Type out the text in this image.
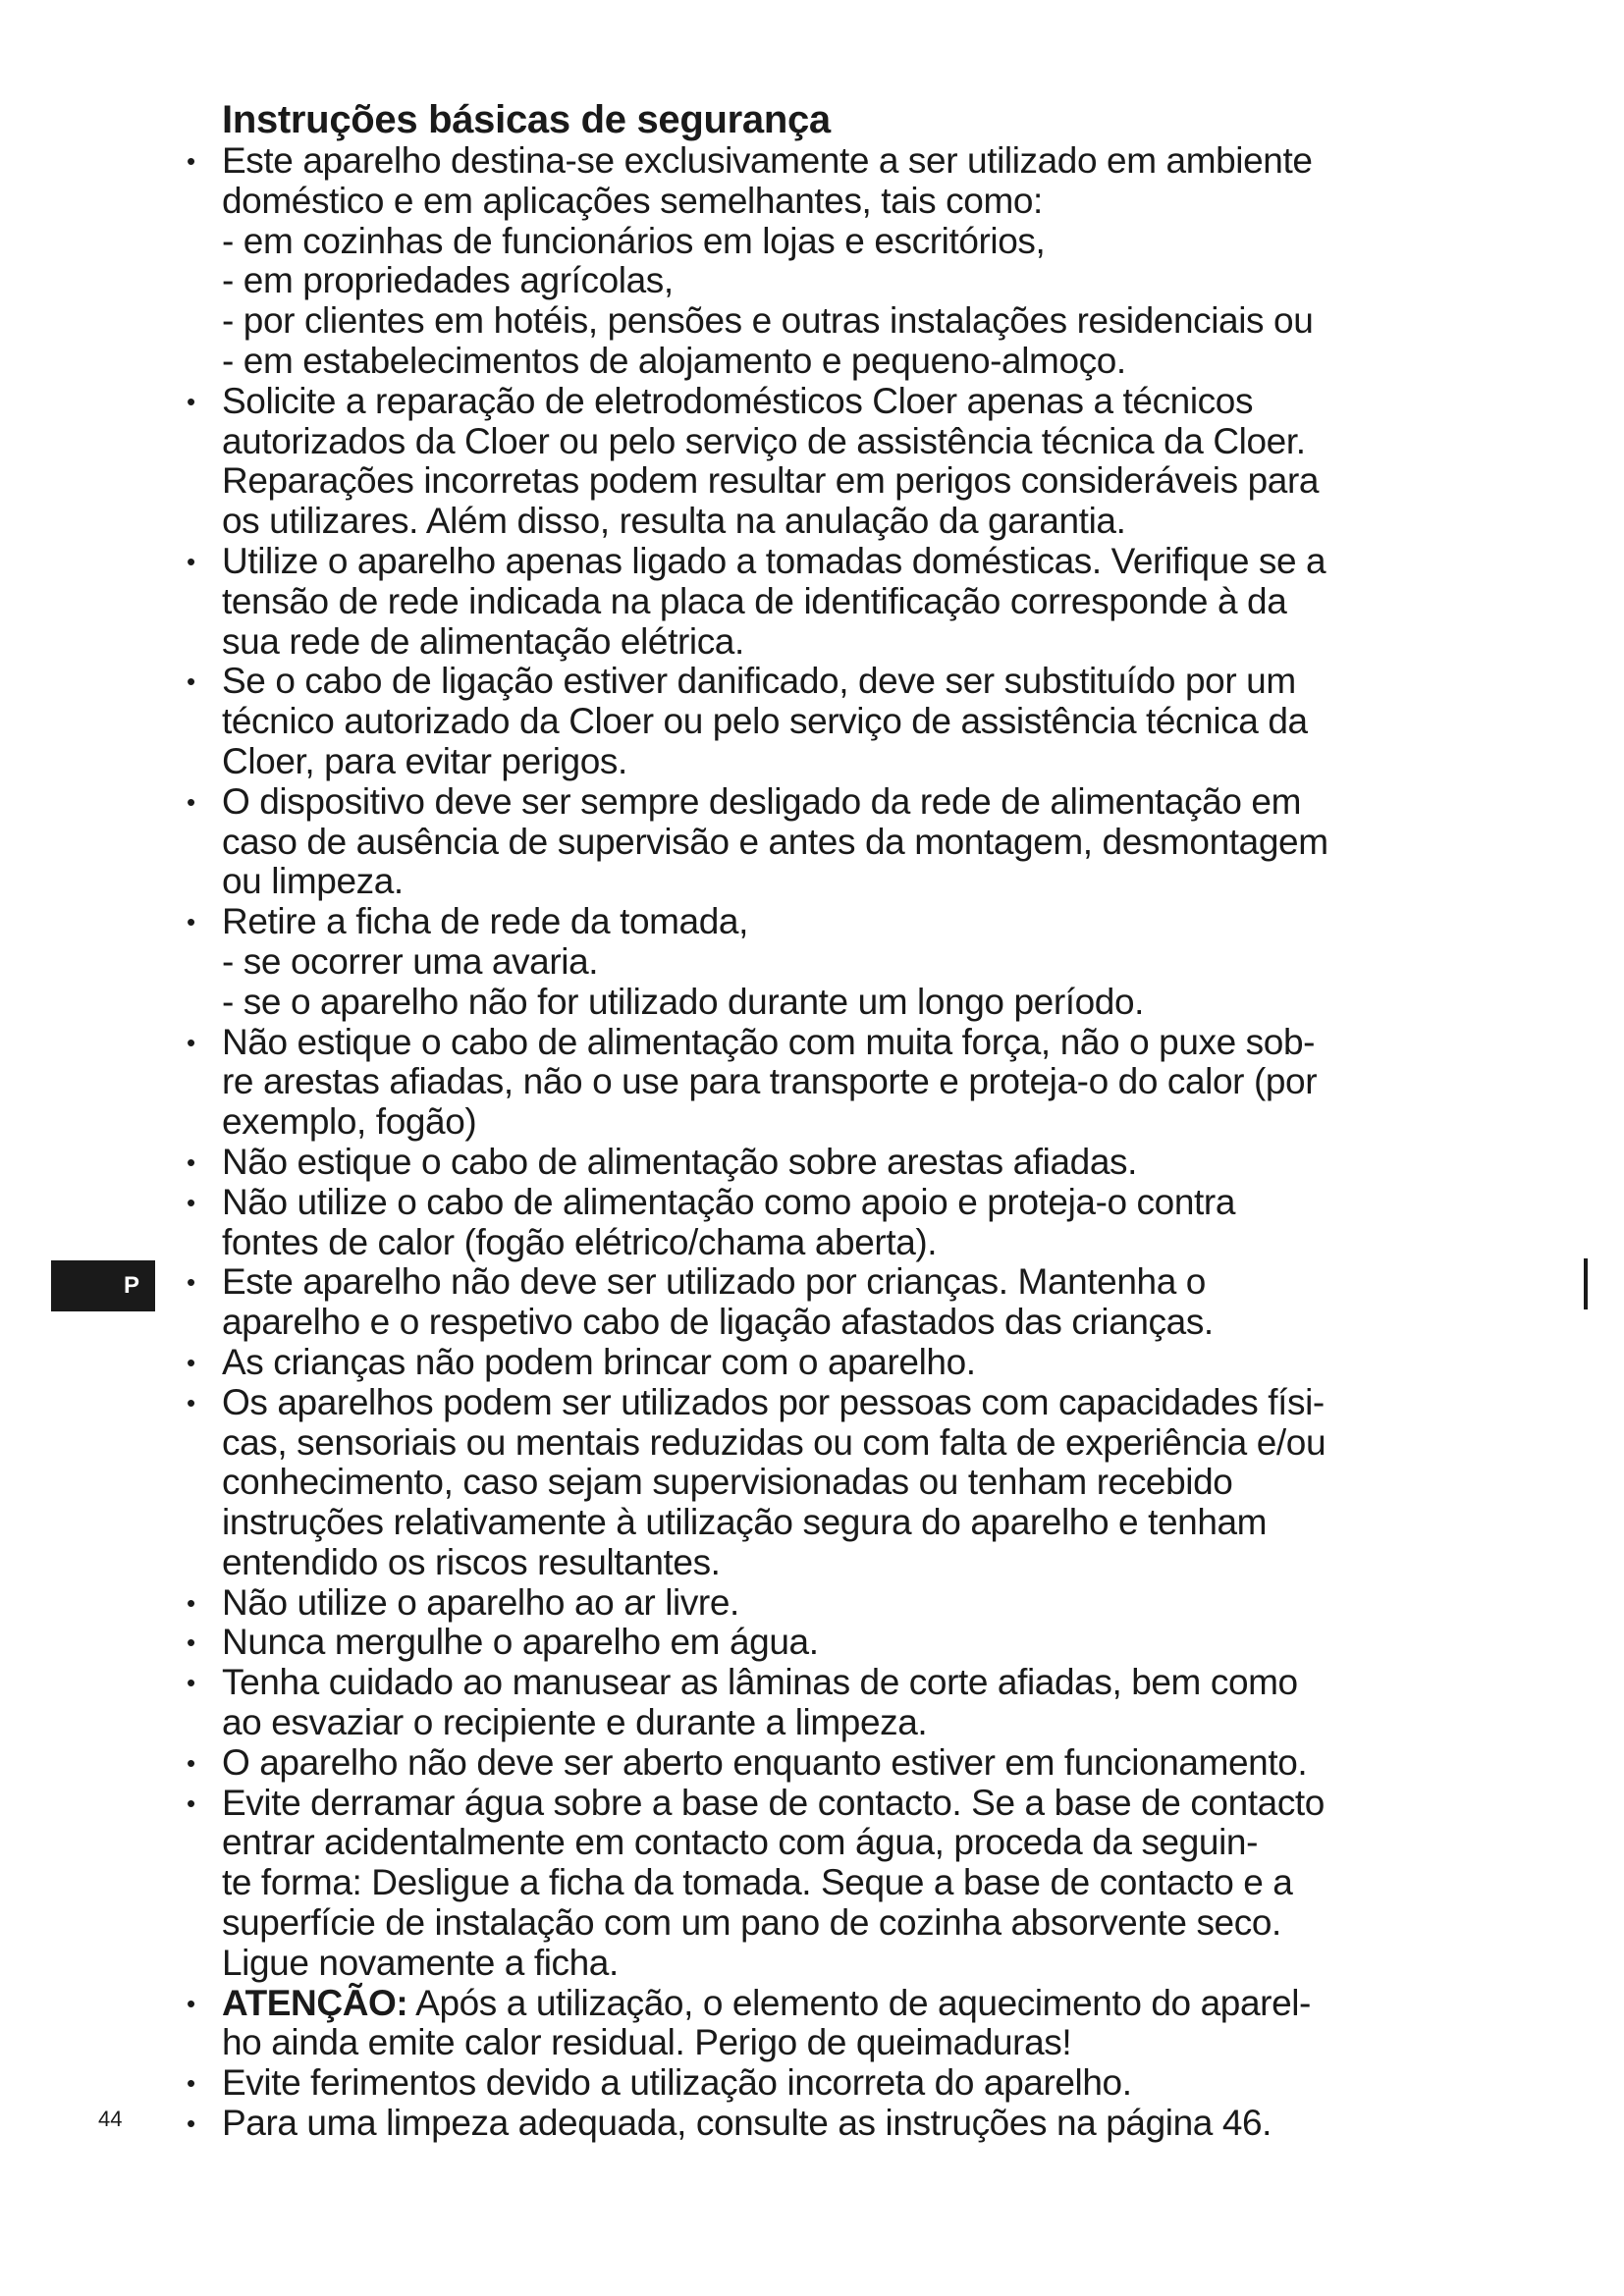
Instruções básicas de segurança
• Este aparelho destina-se exclusivamente a ser utilizado em ambiente
doméstico e em aplicações semelhantes, tais como:
- em cozinhas de funcionários em lojas e escritórios,
- em propriedades agrícolas,
- por clientes em hotéis, pensões e outras instalações residenciais ou
- em estabelecimentos de alojamento e pequeno-almoço.
• Solicite a reparação de eletrodomésticos Cloer apenas a técnicos
autorizados da Cloer ou pelo serviço de assistência técnica da Cloer.
Reparações incorretas podem resultar em perigos consideráveis para
os utilizares. Além disso, resulta na anulação da garantia.
• Utilize o aparelho apenas ligado a tomadas domésticas. Verifique se a
tensão de rede indicada na placa de identificação corresponde à da
sua rede de alimentação elétrica.
• Se o cabo de ligação estiver danificado, deve ser substituído por um
técnico autorizado da Cloer ou pelo serviço de assistência técnica da
Cloer, para evitar perigos.
• O dispositivo deve ser sempre desligado da rede de alimentação em
caso de ausência de supervisão e antes da montagem, desmontagem
ou limpeza.
• Retire a ficha de rede da tomada,
- se ocorrer uma avaria.
- se o aparelho não for utilizado durante um longo período.
• Não estique o cabo de alimentação com muita força, não o puxe sob-
re arestas afiadas, não o use para transporte e proteja-o do calor (por
exemplo, fogão)
• Não estique o cabo de alimentação sobre arestas afiadas.
• Não utilize o cabo de alimentação como apoio e proteja-o contra
fontes de calor (fogão elétrico/chama aberta).
• Este aparelho não deve ser utilizado por crianças. Mantenha o
aparelho e o respetivo cabo de ligação afastados das crianças.
• As crianças não podem brincar com o aparelho.
• Os aparelhos podem ser utilizados por pessoas com capacidades físi-
cas, sensoriais ou mentais reduzidas ou com falta de experiência e/ou
conhecimento, caso sejam supervisionadas ou tenham recebido
instruções relativamente à utilização segura do aparelho e tenham
entendido os riscos resultantes.
• Não utilize o aparelho ao ar livre.
• Nunca mergulhe o aparelho em água.
• Tenha cuidado ao manusear as lâminas de corte afiadas, bem como
ao esvaziar o recipiente e durante a limpeza.
• O aparelho não deve ser aberto enquanto estiver em funcionamento.
• Evite derramar água sobre a base de contacto. Se a base de contacto
entrar acidentalmente em contacto com água, proceda da seguin-
te forma: Desligue a ficha da tomada. Seque a base de contacto e a
superfície de instalação com um pano de cozinha absorvente seco.
Ligue novamente a ficha.
• ATENÇÃO: Após a utilização, o elemento de aquecimento do aparel-
ho ainda emite calor residual. Perigo de queimaduras!
• Evite ferimentos devido a utilização incorreta do aparelho.
• Para uma limpeza adequada, consulte as instruções na página 46.
P
44
